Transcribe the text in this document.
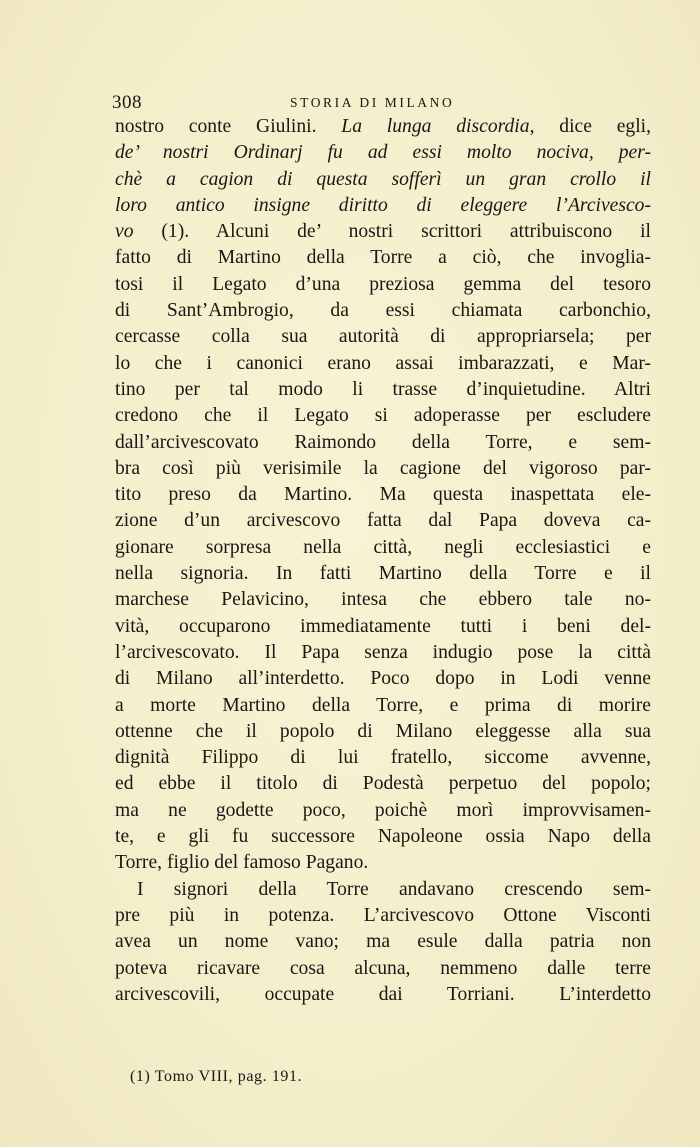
308	STORIA DI MILANO
nostro conte Giulini. La lunga discordia, dice egli,
de’ nostri Ordinarj fu ad essi molto nociva, per-
chè a cagion di questa sofferì un gran crollo il
loro antico insigne diritto di eleggere l’Arcivesco-
vo (1). Alcuni de’ nostri scrittori attribuiscono il
fatto di Martino della Torre a ciò, che invoglia-
tosi il Legato d’una preziosa gemma del tesoro
di Sant’Ambrogio, da essi chiamata carbonchio,
cercasse colla sua autorità di appropriarsela; per
lo che i canonici erano assai imbarazzati, e Mar-
tino per tal modo li trasse d’inquietudine. Altri
credono che il Legato si adoperasse per escludere
dall’arcivescovato Raimondo della Torre, e sem-
bra così più verisimile la cagione del vigoroso par-
tito preso da Martino. Ma questa inaspettata ele-
zione d’un arcivescovo fatta dal Papa doveva ca-
gionare sorpresa nella città, negli ecclesiastici e
nella signoria. In fatti Martino della Torre e il
marchese Pelavicino, intesa che ebbero tale no-
vità, occuparono immediatamente tutti i beni del-
l’arcivescovato. Il Papa senza indugio pose la città
di Milano all’interdetto. Poco dopo in Lodi venne
a morte Martino della Torre, e prima di morire
ottenne che il popolo di Milano eleggesse alla sua
dignità Filippo di lui fratello, siccome avvenne,
ed ebbe il titolo di Podestà perpetuo del popolo;
ma ne godette poco, poichè morì improvvisamen-
te, e gli fu successore Napoleone ossia Napo della
Torre, figlio del famoso Pagano.
I signori della Torre andavano crescendo sem-
pre più in potenza. L’arcivescovo Ottone Visconti
avea un nome vano; ma esule dalla patria non
poteva ricavare cosa alcuna, nemmeno dalle terre
arcivescovili, occupate dai Torriani. L’interdetto
(1) Tomo VIII, pag. 191.
